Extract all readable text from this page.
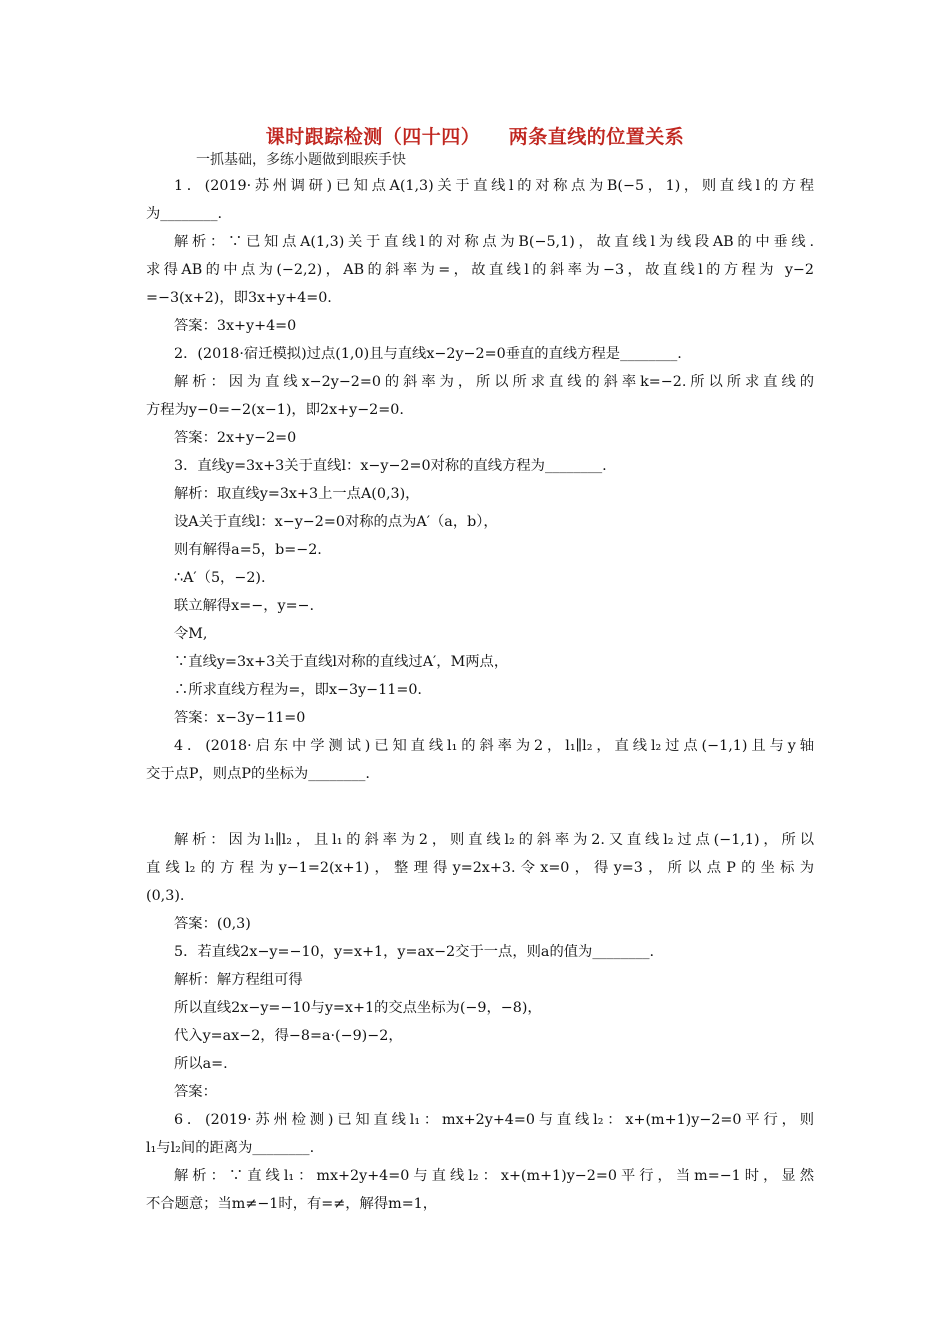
课时跟踪检测（四十四）    两条直线的位置关系
一抓基础，多练小题做到眼疾手快
1．(2019·苏州调研)已知点A(1,3)关于直线l的对称点为B(−5，1)，则直线l的方程
为________.
解析：∵已知点A(1,3)关于直线l的对称点为B(−5,1)，故直线l为线段AB的中垂线.
求得AB的中点为(−2,2)，AB的斜率为=，故直线l的斜率为−3，故直线l的方程为 y−2
=−3(x+2)，即3x+y+4=0.
答案：3x+y+4=0
2．(2018·宿迁模拟)过点(1,0)且与直线x−2y−2=0垂直的直线方程是________.
解析：因为直线x−2y−2=0的斜率为，所以所求直线的斜率k=−2.所以所求直线的
方程为y−0=−2(x−1)，即2x+y−2=0.
答案：2x+y−2=0
3．直线y=3x+3关于直线l：x−y−2=0对称的直线方程为________.
解析：取直线y=3x+3上一点A(0,3)，
设A关于直线l：x−y−2=0对称的点为A′（a，b），
则有解得a=5，b=−2.
∴A′（5，−2).
联立解得x=−，y=−.
令M,
∵直线y=3x+3关于直线l对称的直线过A′，M两点，
∴所求直线方程为=，即x−3y−11=0.
答案：x−3y−11=0
4．(2018·启东中学测试)已知直线l₁的斜率为2，l₁∥l₂，直线l₂过点(−1,1)且与y轴
交于点P，则点P的坐标为________.
解析：因为l₁∥l₂，且l₁的斜率为2，则直线l₂的斜率为2.又直线l₂过点(−1,1)，所以
直线l₂的方程为y−1=2(x+1)，整理得y=2x+3.令x=0，得y=3，所以点P的坐标为
(0,3).
答案：(0,3)
5．若直线2x−y=−10，y=x+1，y=ax−2交于一点，则a的值为________.
解析：解方程组可得
所以直线2x−y=−10与y=x+1的交点坐标为(−9，−8)，
代入y=ax−2，得−8=a·(−9)−2，
所以a=.
答案：
6．(2019·苏州检测)已知直线l₁：mx+2y+4=0与直线l₂：x+(m+1)y−2=0平行，则
l₁与l₂间的距离为________.
解析：∵直线l₁：mx+2y+4=0与直线l₂：x+(m+1)y−2=0平行，当m=−1时，显然
不合题意；当m≠−1时，有=≠，解得m=1，
